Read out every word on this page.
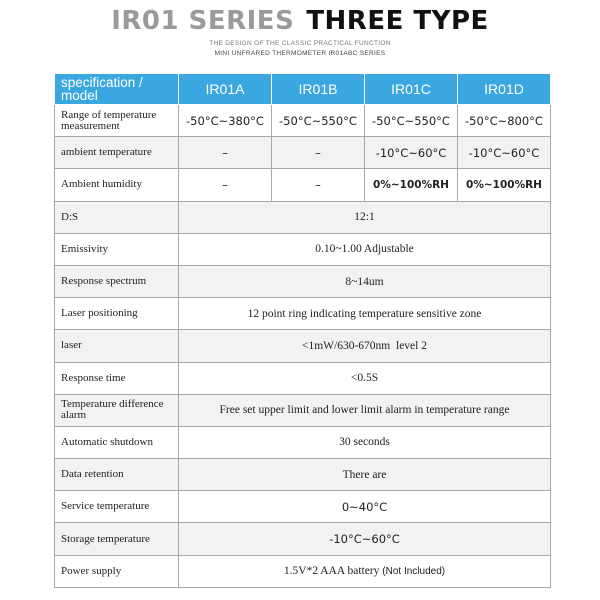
IR01 SERIES THREE TYPE
THE DESIGN OF THE CLASSIC PRACTICAL FUNCTION
MINI UNFRARED THERMOMETER IR01ABC SERIES
specification / model	IR01A	IR01B	IR01C	IR01D
Range of temperature measurement	-50°C~380°C	-50°C~550°C	-50°C~550°C	-50°C~800°C
ambient temperature	–	–	-10°C~60°C	-10°C~60°C
Ambient humidity	–	–	0%~100%RH	0%~100%RH
D:S	12:1			
Emissivity	0.10~1.00 Adjustable			
Response spectrum	8~14um			
Laser positioning	12 point ring indicating temperature sensitive zone			
laser	<1mW/630-670nm  level 2			
Response time	<0.5S			
Temperature difference alarm	Free set upper limit and lower limit alarm in temperature range			
Automatic shutdown	30 seconds			
Data retention	There are			
Service temperature	0~40°C			
Storage temperature	-10°C~60°C			
Power supply	1.5V*2 AAA battery (Not Included)			
